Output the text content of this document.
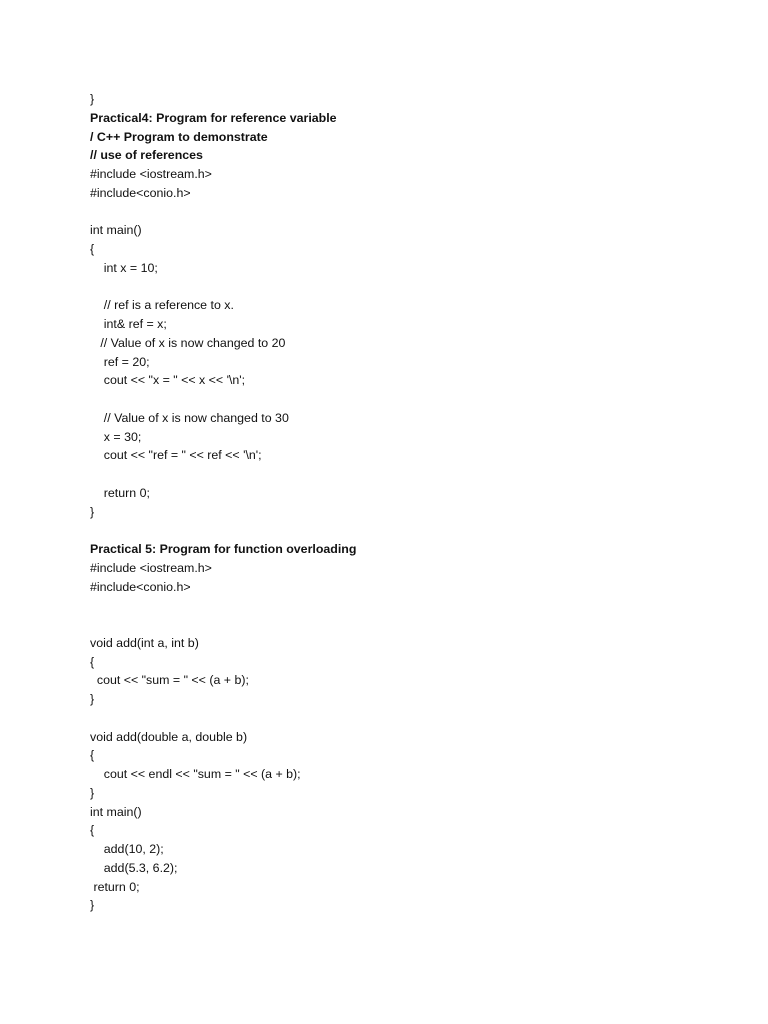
}
Practical4: Program for reference variable
/ C++ Program to demonstrate
// use of references
#include <iostream.h>
#include<conio.h>
int main()
{
int x = 10;
// ref is a reference to x.
int& ref = x;
// Value of x is now changed to 20
ref = 20;
cout << "x = " << x << '\n';
// Value of x is now changed to 30
x = 30;
cout << "ref = " << ref << '\n';
return 0;
}
Practical 5: Program for function overloading
#include <iostream.h>
#include<conio.h>
void add(int a, int b)
{
cout << "sum = " << (a + b);
}
void add(double a, double b)
{
cout << endl << "sum = " << (a + b);
}
int main()
{
add(10, 2);
add(5.3, 6.2);
return 0;
}
